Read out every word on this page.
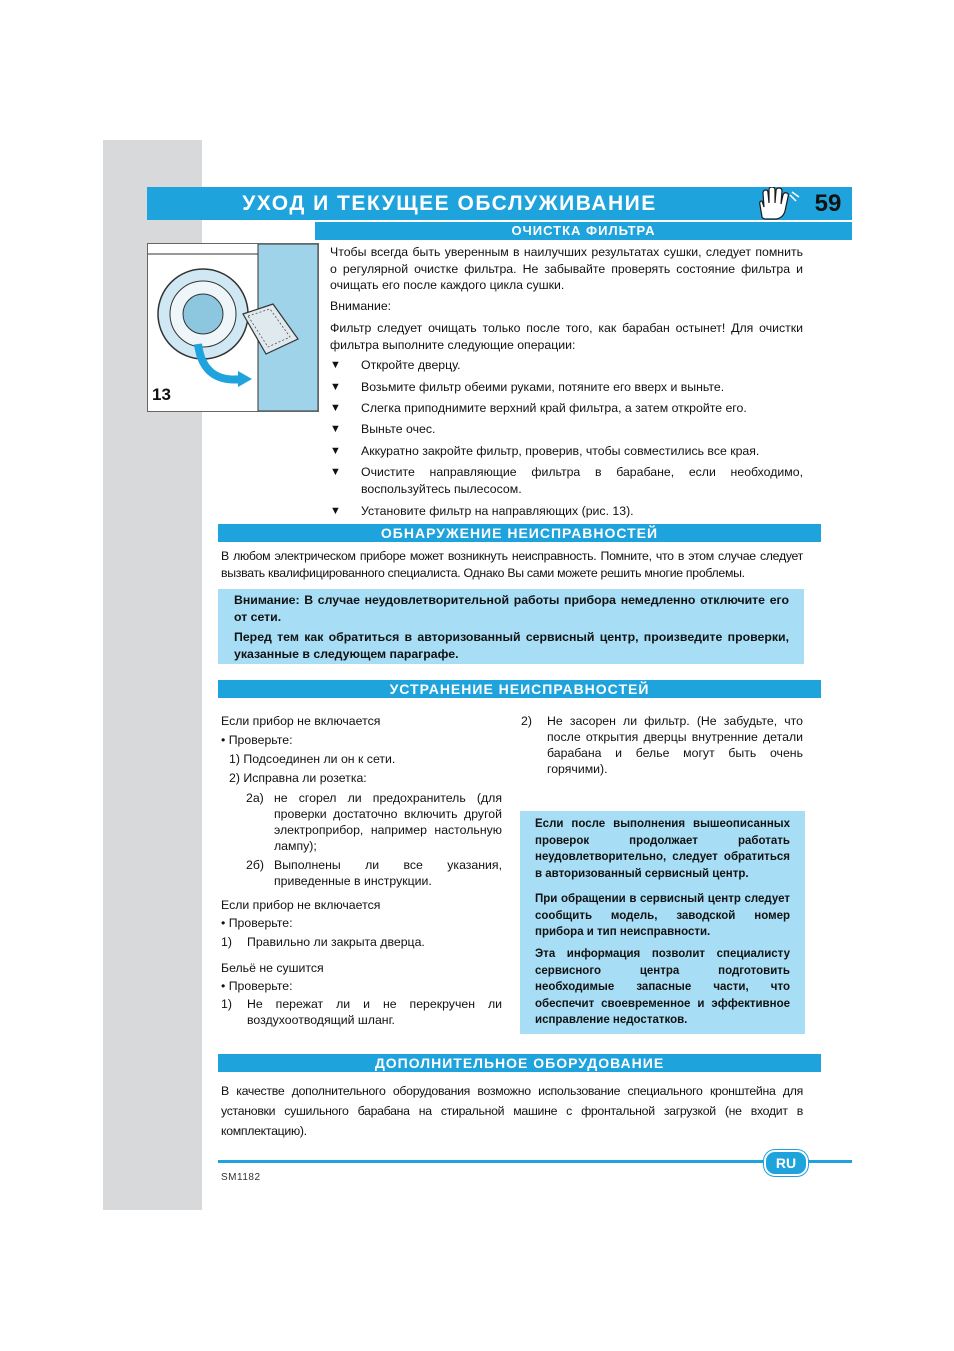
УХОД И ТЕКУЩЕЕ ОБСЛУЖИВАНИЕ	59
ОЧИСТКА ФИЛЬТРА
13

Чтобы всегда быть уверенным в наилучших результатах сушки, следует помнить о регулярной очистке фильтра. Не забывайте проверять состояние фильтра и очищать его после каждого цикла сушки.

Внимание:

Фильтр следует очищать только после того, как барабан остынет! Для очистки фильтра выполните следующие операции:

▼ Откройте дверцу.
▼ Возьмите фильтр обеими руками, потяните его вверх и выньте.
▼ Слегка приподнимите верхний край фильтра, а затем откройте его.
▼ Выньте очес.
▼ Аккуратно закройте фильтр, проверив, чтобы совместились все края.
▼ Очистите направляющие фильтра в барабане, если необходимо, воспользуйтесь пылесосом.
▼ Установите фильтр на направляющих (рис. 13).
ОБНАРУЖЕНИЕ НЕИСПРАВНОСТЕЙ

В любом электрическом приборе может возникнуть неисправность. Помните, что в этом случае следует вызвать квалифицированного специалиста. Однако Вы сами можете решить многие проблемы.

Внимание: В случае неудовлетворительной работы прибора немедленно отключите его от сети.

Перед тем как обратиться в авторизованный сервисный центр, произведите проверки, указанные в следующем параграфе.

УСТРАНЕНИЕ НЕИСПРАВНОСТЕЙ
Если прибор не включается
• Проверьте:
1) Подсоединен ли он к сети.
2) Исправна ли розетка:
2а) не сгорел ли предохранитель (для проверки достаточно включить другой электроприбор, например настольную лампу);
2б) Выполнены ли все указания, приведенные в инструкции.
Если прибор не включается
• Проверьте:
1) Правильно ли закрыта дверца.
Бельё не сушится
• Проверьте:
1) Не пережат ли и не перекручен ли воздухоотводящий шланг.
2) Не засорен ли фильтр. (Не забудьте, что после открытия дверцы внутренние детали барабана и белье могут быть очень горячими).

Если после выполнения вышеописанных проверок продолжает работать неудовлетворительно, следует обратиться в авторизованный сервисный центр.

При обращении в сервисный центр следует сообщить модель, заводской номер прибора и тип неисправности.

Эта информация позволит специалисту сервисного центра подготовить необходимые запасные части, что обеспечит своевременное и эффективное исправление недостатков.

ДОПОЛНИТЕЛЬНОЕ ОБОРУДОВАНИЕ

В качестве дополнительного оборудования возможно использование специального кронштейна для установки сушильного барабана на стиральной машине с фронтальной загрузкой (не входит в комплектацию).

RU
SM1182
